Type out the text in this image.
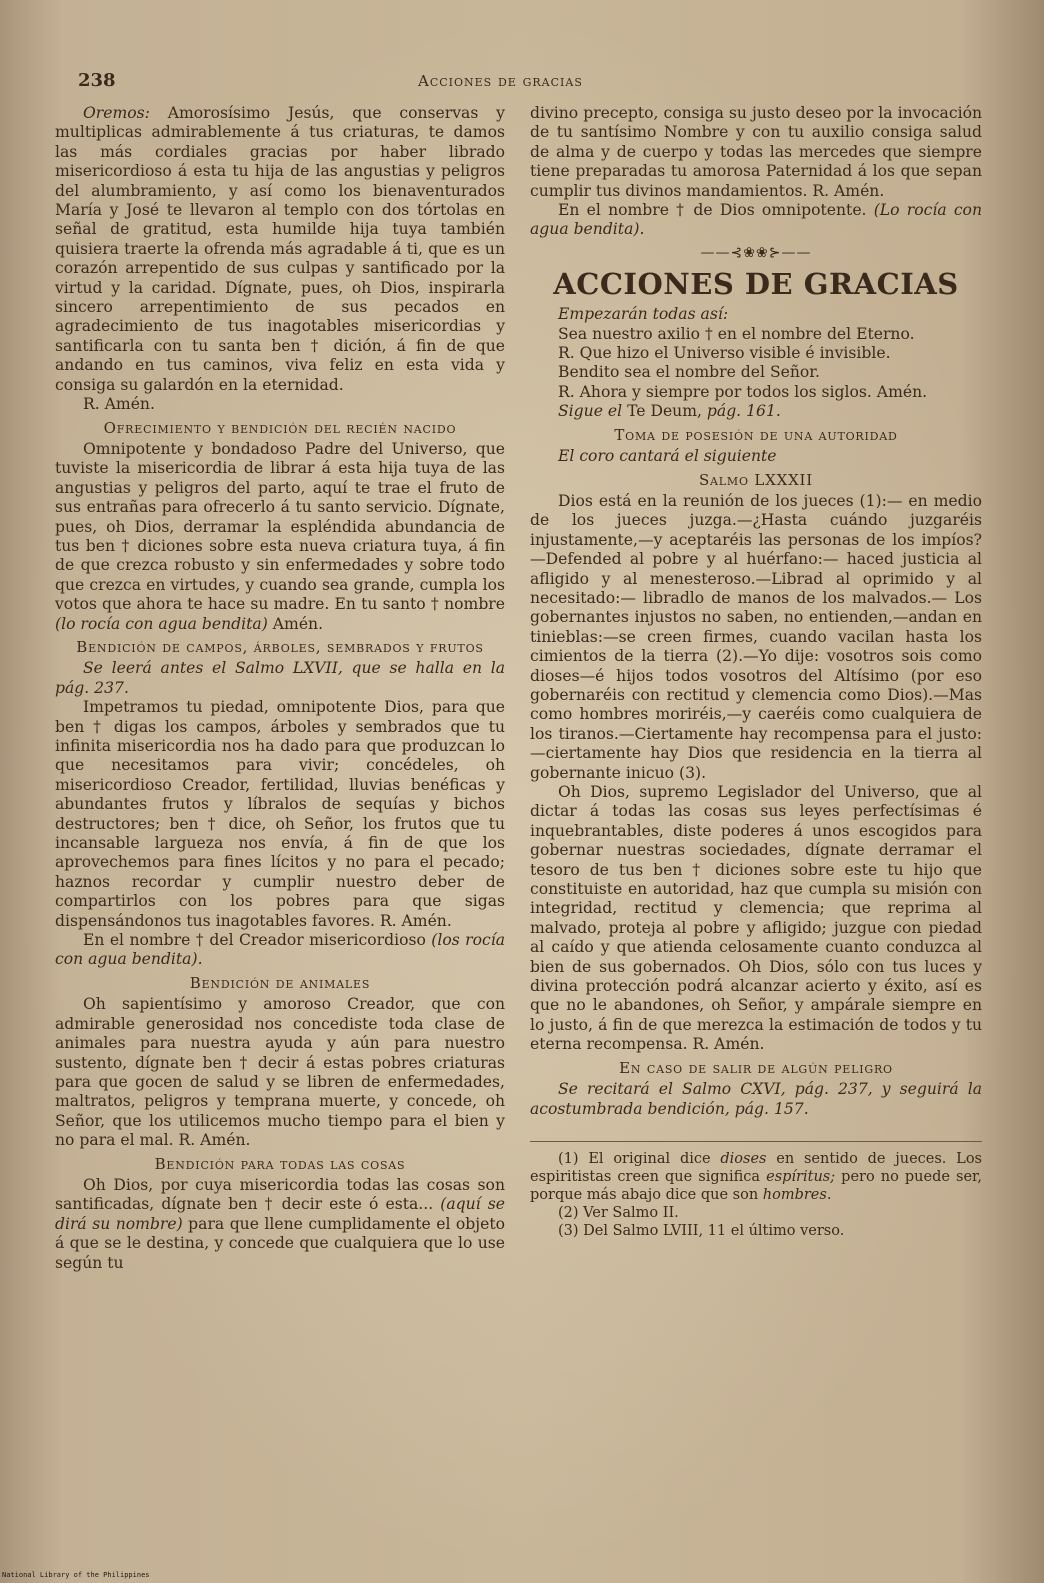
238	Acciones de gracias

Oremos: Amorosísimo Jesús, que conservas y multiplicas admirablemente á tus criaturas, te damos las más cordiales gracias por haber librado misericordioso á esta tu hija de las angustias y peligros del alumbramiento, y así como los bienaventurados María y José te llevaron al templo con dos tórtolas en señal de gratitud, esta humilde hija tuya también quisiera traerte la ofrenda más agradable á ti, que es un corazón arrepentido de sus culpas y santificado por la virtud y la caridad. Dígnate, pues, oh Dios, inspirarla sincero arrepentimiento de sus pecados en agradecimiento de tus inagotables misericordias y santificarla con tu santa ben † dición, á fin de que andando en tus caminos, viva feliz en esta vida y consiga su galardón en la eternidad.

R. Amén.

Ofrecimiento y bendición del recién nacido

Omnipotente y bondadoso Padre del Universo, que tuviste la misericordia de librar á esta hija tuya de las angustias y peligros del parto, aquí te trae el fruto de sus entrañas para ofrecerlo á tu santo servicio. Dígnate, pues, oh Dios, derramar la espléndida abundancia de tus ben † diciones sobre esta nueva criatura tuya, á fin de que crezca robusto y sin enfermedades y sobre todo que crezca en virtudes, y cuando sea grande, cumpla los votos que ahora te hace su madre. En tu santo † nombre (lo rocía con agua bendita) Amén.

Bendición de campos, árboles, sembrados y frutos

Se leerá antes el Salmo LXVII, que se halla en la pág. 237.

Impetramos tu piedad, omnipotente Dios, para que ben † digas los campos, árboles y sembrados que tu infinita misericordia nos ha dado para que produzcan lo que necesitamos para vivir; concédeles, oh misericordioso Creador, fertilidad, lluvias benéficas y abundantes frutos y líbralos de sequías y bichos destructores; ben † dice, oh Señor, los frutos que tu incansable largueza nos envía, á fin de que los aprovechemos para fines lícitos y no para el pecado; haznos recordar y cumplir nuestro deber de compartirlos con los pobres para que sigas dispensándonos tus inagotables favores. R. Amén.

En el nombre † del Creador misericordioso (los rocía con agua bendita).

Bendición de animales

Oh sapientísimo y amoroso Creador, que con admirable generosidad nos concediste toda clase de animales para nuestra ayuda y aún para nuestro sustento, dígnate ben † decir á estas pobres criaturas para que gocen de salud y se libren de enfermedades, maltratos, peligros y temprana muerte, y concede, oh Señor, que los utilicemos mucho tiempo para el bien y no para el mal. R. Amén.

Bendición para todas las cosas

Oh Dios, por cuya misericordia todas las cosas son santificadas, dígnate ben † decir este ó esta... (aquí se dirá su nombre) para que llene cumplidamente el objeto á que se le destina, y concede que cualquiera que lo use según tu

divino precepto, consiga su justo deseo por la invocación de tu santísimo Nombre y con tu auxilio consiga salud de alma y de cuerpo y todas las mercedes que siempre tiene preparadas tu amorosa Paternidad á los que sepan cumplir tus divinos mandamientos. R. Amén.

En el nombre † de Dios omnipotente. (Lo rocía con agua bendita).

——⊰❀❀⊱——

ACCIONES DE GRACIAS

Empezarán todas así:

Sea nuestro axilio † en el nombre del Eterno.

R. Que hizo el Universo visible é invisible.

Bendito sea el nombre del Señor.

R. Ahora y siempre por todos los siglos. Amén.

Sigue el Te Deum, pág. 161.

Toma de posesión de una autoridad

El coro cantará el siguiente

Salmo LXXXII

Dios está en la reunión de los jueces (1):— en medio de los jueces juzga.—¿Hasta cuándo juzgaréis injustamente,—y aceptaréis las personas de los impíos?—Defended al pobre y al huérfano:— haced justicia al afligido y al menesteroso.—Librad al oprimido y al necesitado:— libradlo de manos de los malvados.— Los gobernantes injustos no saben, no entienden,—andan en tinieblas:—se creen firmes, cuando vacilan hasta los cimientos de la tierra (2).—Yo dije: vosotros sois como dioses—é hijos todos vosotros del Altísimo (por eso gobernaréis con rectitud y clemencia como Dios).—Mas como hombres moriréis,—y caeréis como cualquiera de los tiranos.—Ciertamente hay recompensa para el justo:—ciertamente hay Dios que residencia en la tierra al gobernante inicuo (3).

Oh Dios, supremo Legislador del Universo, que al dictar á todas las cosas sus leyes perfectísimas é inquebrantables, diste poderes á unos escogidos para gobernar nuestras sociedades, dígnate derramar el tesoro de tus ben † diciones sobre este tu hijo que constituiste en autoridad, haz que cumpla su misión con integridad, rectitud y clemencia; que reprima al malvado, proteja al pobre y afligido; juzgue con piedad al caído y que atienda celosamente cuanto conduzca al bien de sus gobernados. Oh Dios, sólo con tus luces y divina protección podrá alcanzar acierto y éxito, así es que no le abandones, oh Señor, y ampárale siempre en lo justo, á fin de que merezca la estimación de todos y tu eterna recompensa. R. Amén.

En caso de salir de algún peligro

Se recitará el Salmo CXVI, pág. 237, y seguirá la acostumbrada bendición, pág. 157.

(1) El original dice dioses en sentido de jueces. Los espiritistas creen que significa espíritus; pero no puede ser, porque más abajo dice que son hombres.

(2) Ver Salmo II.

(3) Del Salmo LVIII, 11 el último verso.

National Library of the Philippines
